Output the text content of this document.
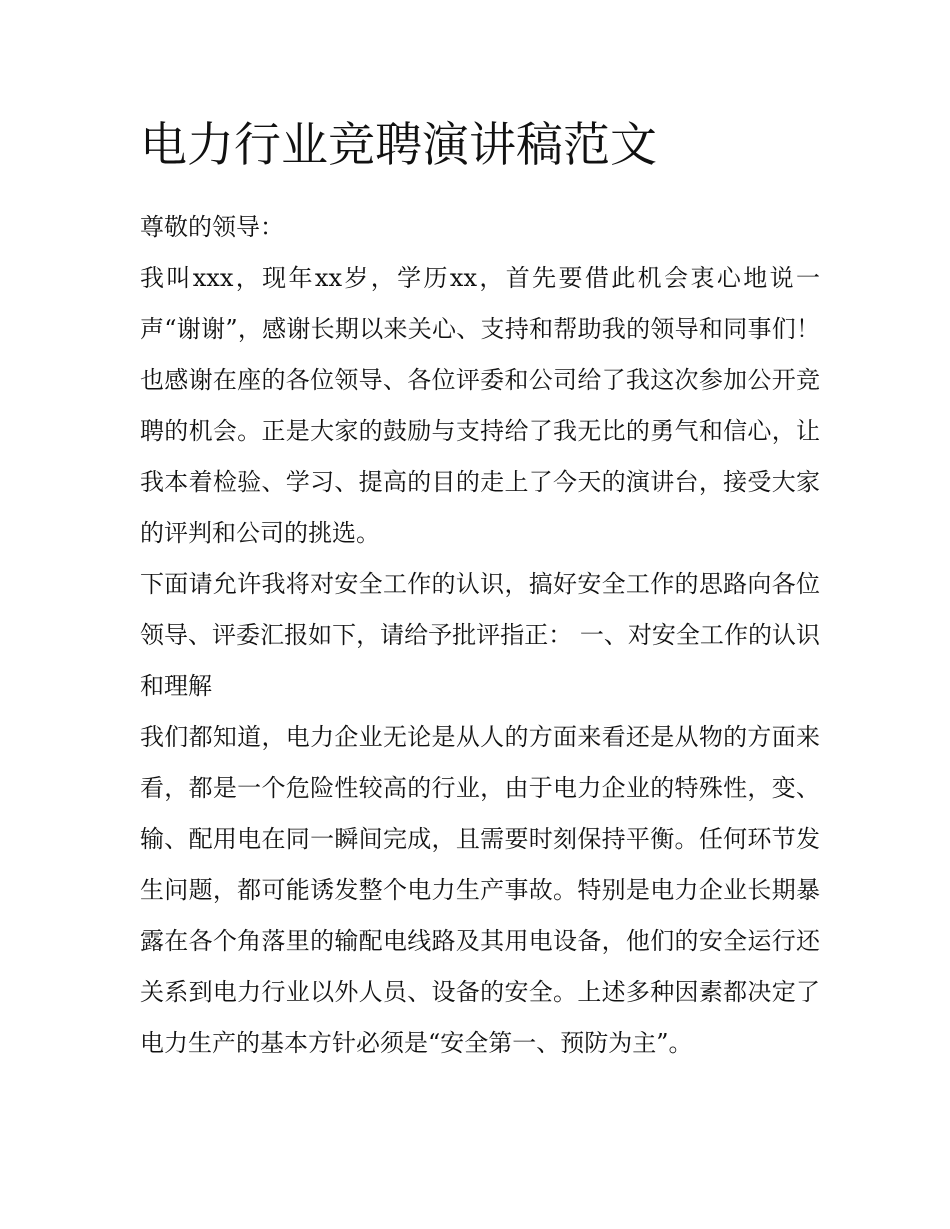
电力行业竞聘演讲稿范文

尊敬的领导：

我叫xxx，现年xx岁，学历xx，首先要借此机会衷心地说一声“谢谢”，感谢长期以来关心、支持和帮助我的领导和同事们！也感谢在座的各位领导、各位评委和公司给了我这次参加公开竞聘的机会。正是大家的鼓励与支持给了我无比的勇气和信心，让我本着检验、学习、提高的目的走上了今天的演讲台，接受大家的评判和公司的挑选。

下面请允许我将对安全工作的认识，搞好安全工作的思路向各位领导、评委汇报如下，请给予批评指正： 一、对安全工作的认识和理解

我们都知道，电力企业无论是从人的方面来看还是从物的方面来看，都是一个危险性较高的行业，由于电力企业的特殊性，变、输、配用电在同一瞬间完成，且需要时刻保持平衡。任何环节发生问题，都可能诱发整个电力生产事故。特别是电力企业长期暴露在各个角落里的输配电线路及其用电设备，他们的安全运行还关系到电力行业以外人员、设备的安全。上述多种因素都决定了电力生产的基本方针必须是“安全第一、预防为主”。
